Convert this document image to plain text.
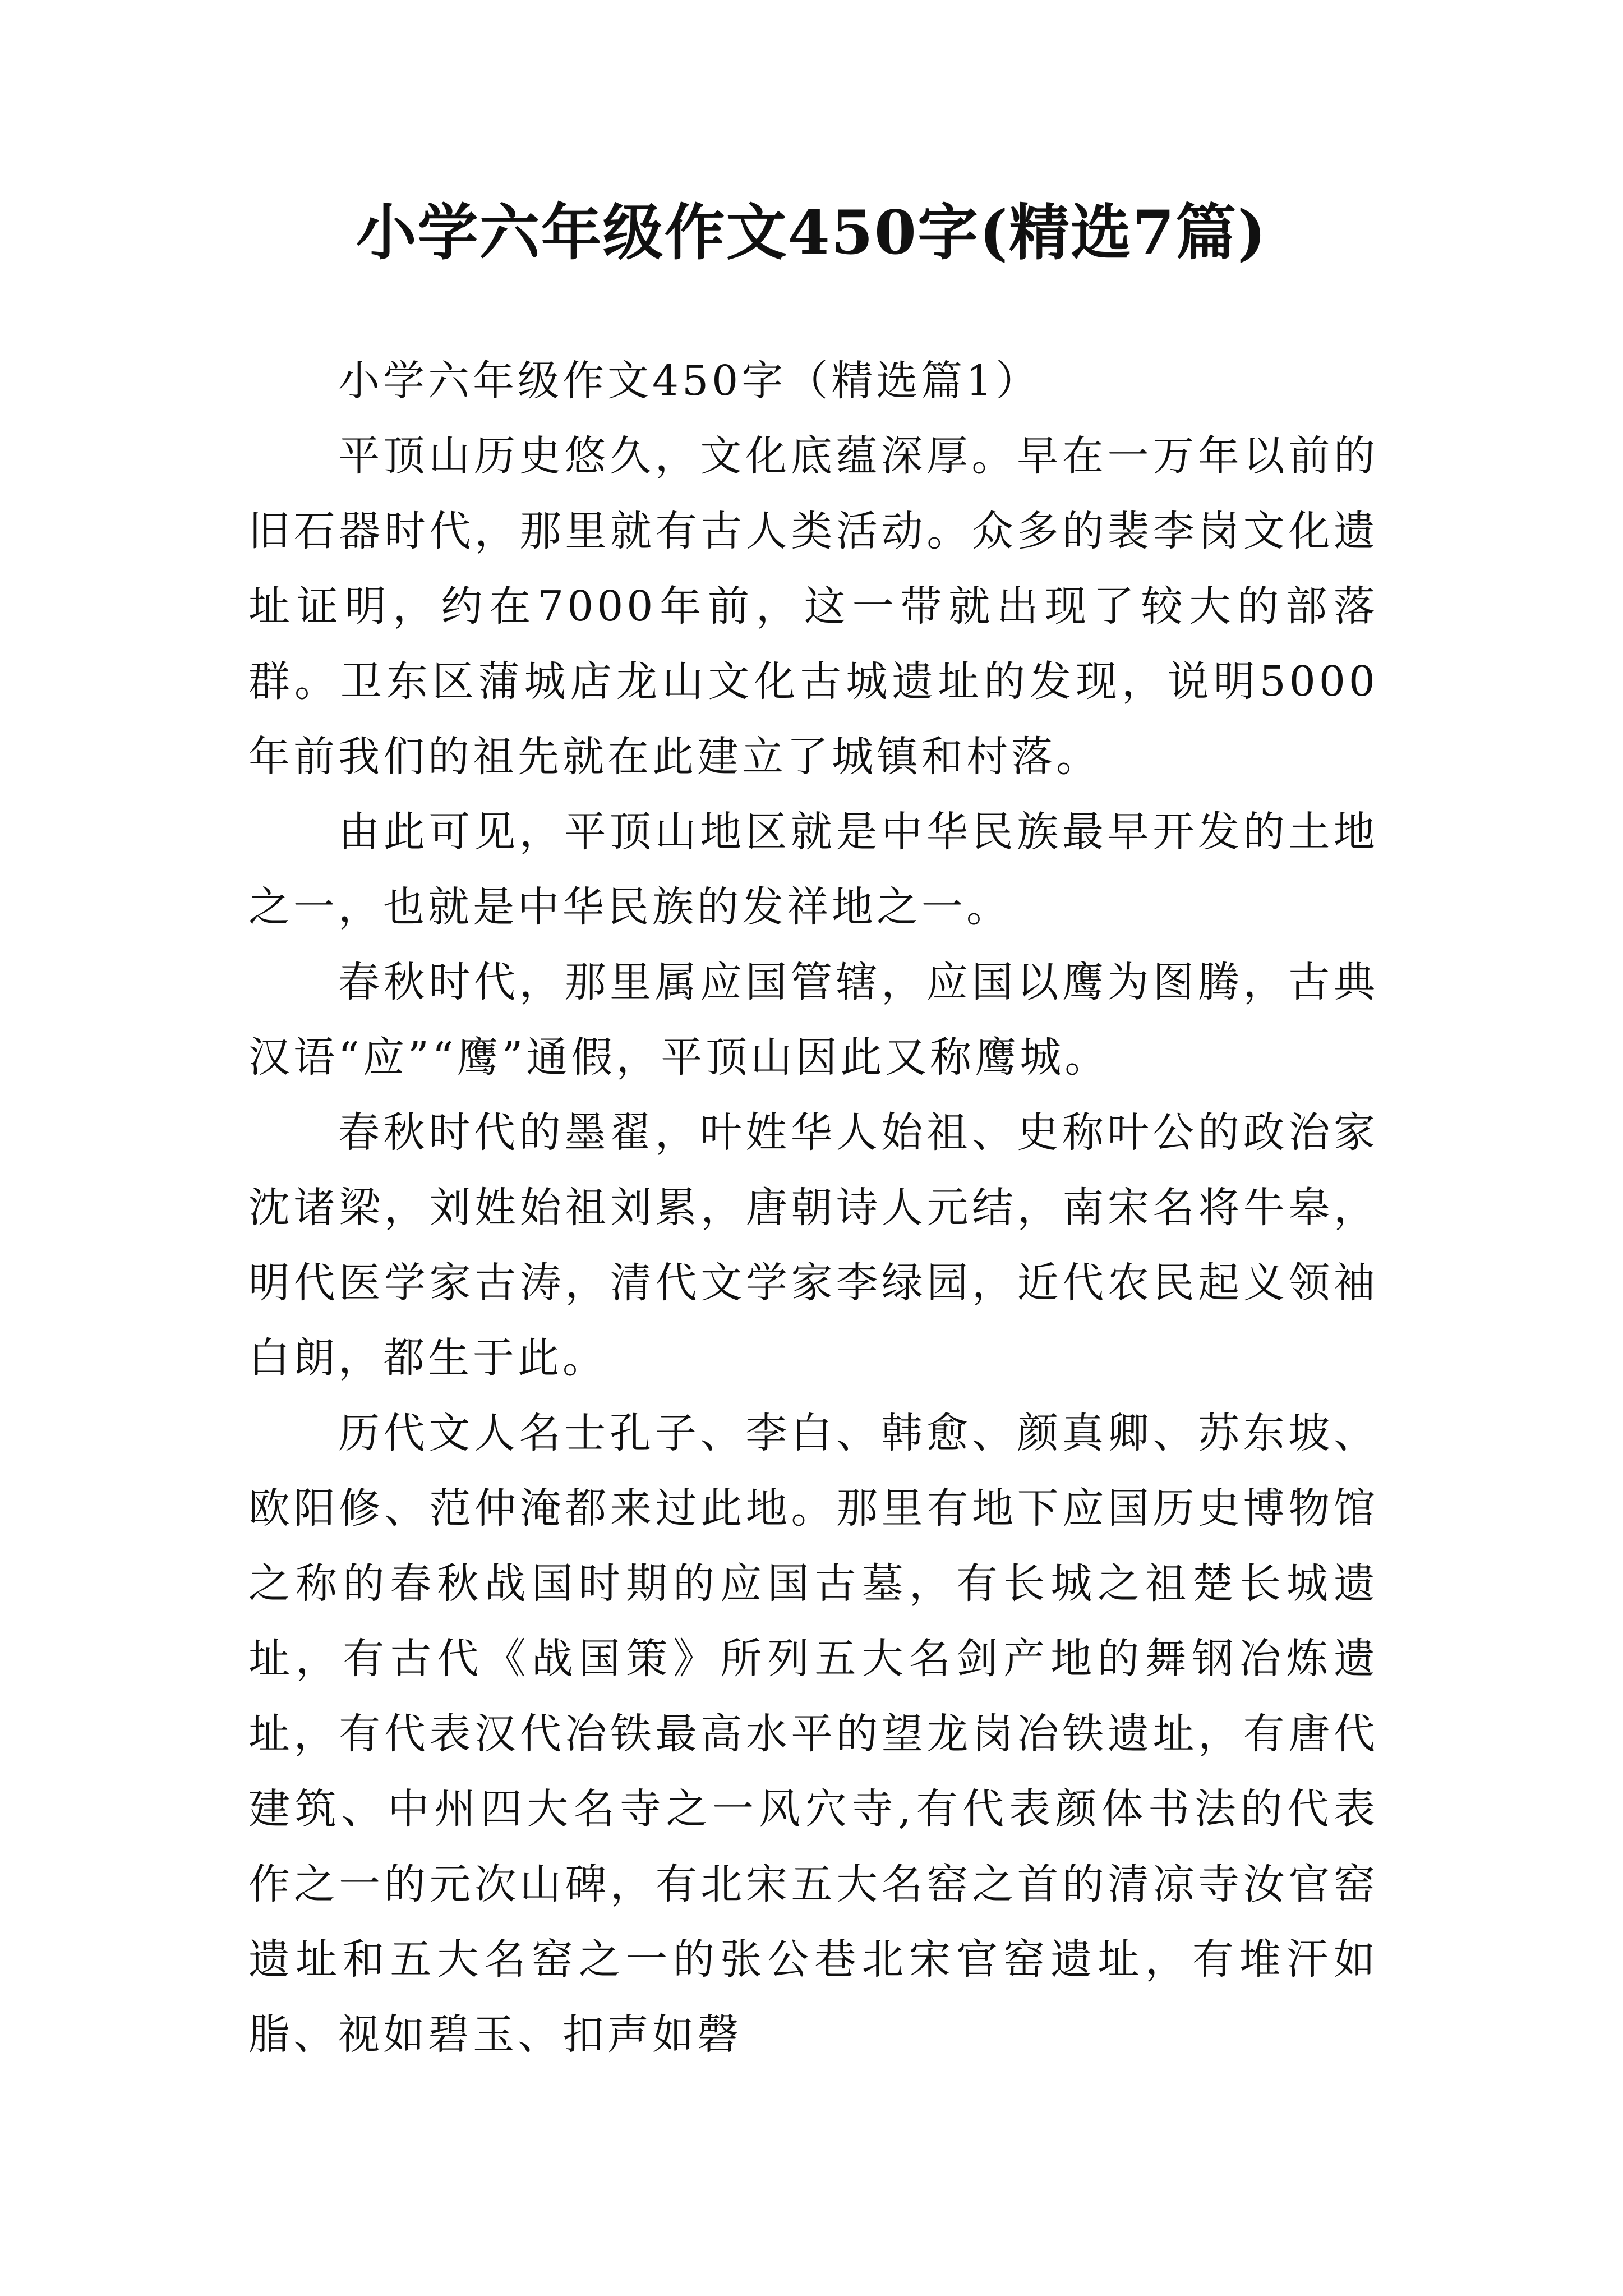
小学六年级作文450字(精选7篇)

小学六年级作文450字（精选篇1）

平顶山历史悠久，文化底蕴深厚。早在一万年以前的旧石器时代，那里就有古人类活动。众多的裴李岗文化遗址证明，约在7000年前，这一带就出现了较大的部落群。卫东区蒲城店龙山文化古城遗址的发现，说明5000年前我们的祖先就在此建立了城镇和村落。

由此可见，平顶山地区就是中华民族最早开发的土地之一，也就是中华民族的发祥地之一。

春秋时代，那里属应国管辖，应国以鹰为图腾，古典汉语“应”“鹰”通假，平顶山因此又称鹰城。

春秋时代的墨翟，叶姓华人始祖、史称叶公的政治家沈诸梁，刘姓始祖刘累，唐朝诗人元结，南宋名将牛皋，明代医学家古涛，清代文学家李绿园，近代农民起义领袖白朗，都生于此。

历代文人名士孔子、李白、韩愈、颜真卿、苏东坡、欧阳修、范仲淹都来过此地。那里有地下应国历史博物馆之称的春秋战国时期的应国古墓，有长城之祖楚长城遗址，有古代《战国策》所列五大名剑产地的舞钢冶炼遗址，有代表汉代冶铁最高水平的望龙岗冶铁遗址，有唐代建筑、中州四大名寺之一风穴寺,有代表颜体书法的代表作之一的元次山碑，有北宋五大名窑之首的清凉寺汝官窑遗址和五大名窑之一的张公巷北宋官窑遗址，有堆汗如脂、视如碧玉、扣声如磬
